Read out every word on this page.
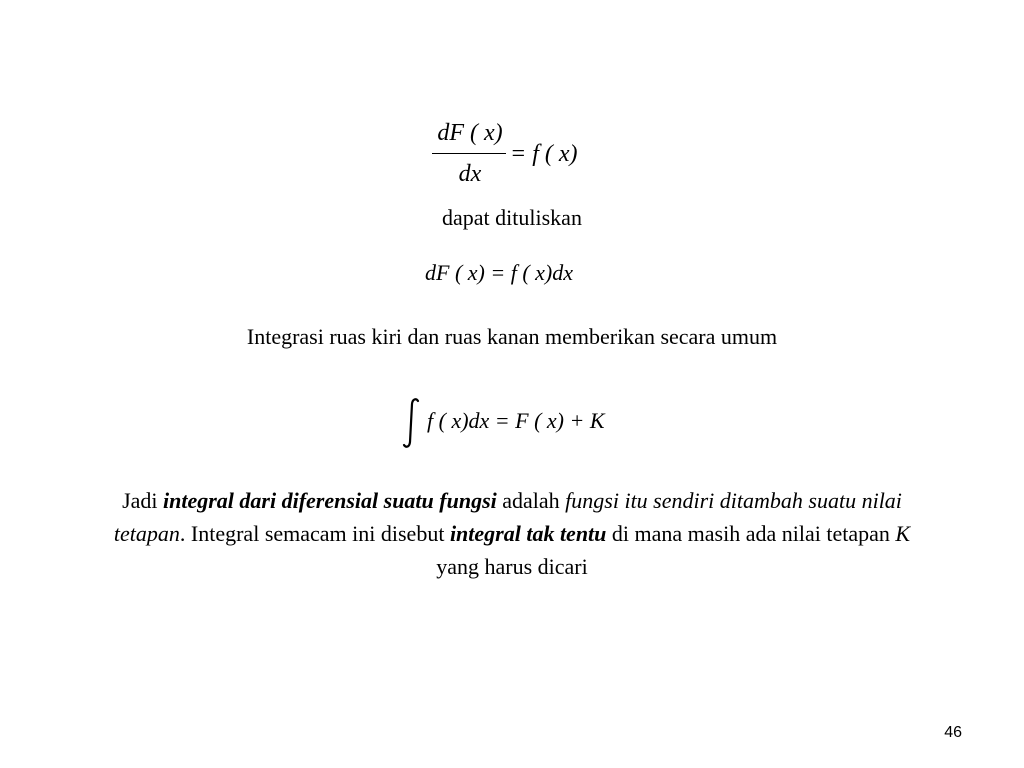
dF ( x)
dx
= f ( x)
dapat dituliskan
dF ( x) = f ( x)dx
Integrasi ruas kiri dan ruas kanan memberikan secara umum
f ( x)dx = F ( x) + K
Jadi integral dari diferensial suatu fungsi adalah fungsi itu sendiri ditambah suatu nilai tetapan. Integral semacam ini disebut integral tak tentu di mana masih ada nilai tetapan K yang harus dicari
46
